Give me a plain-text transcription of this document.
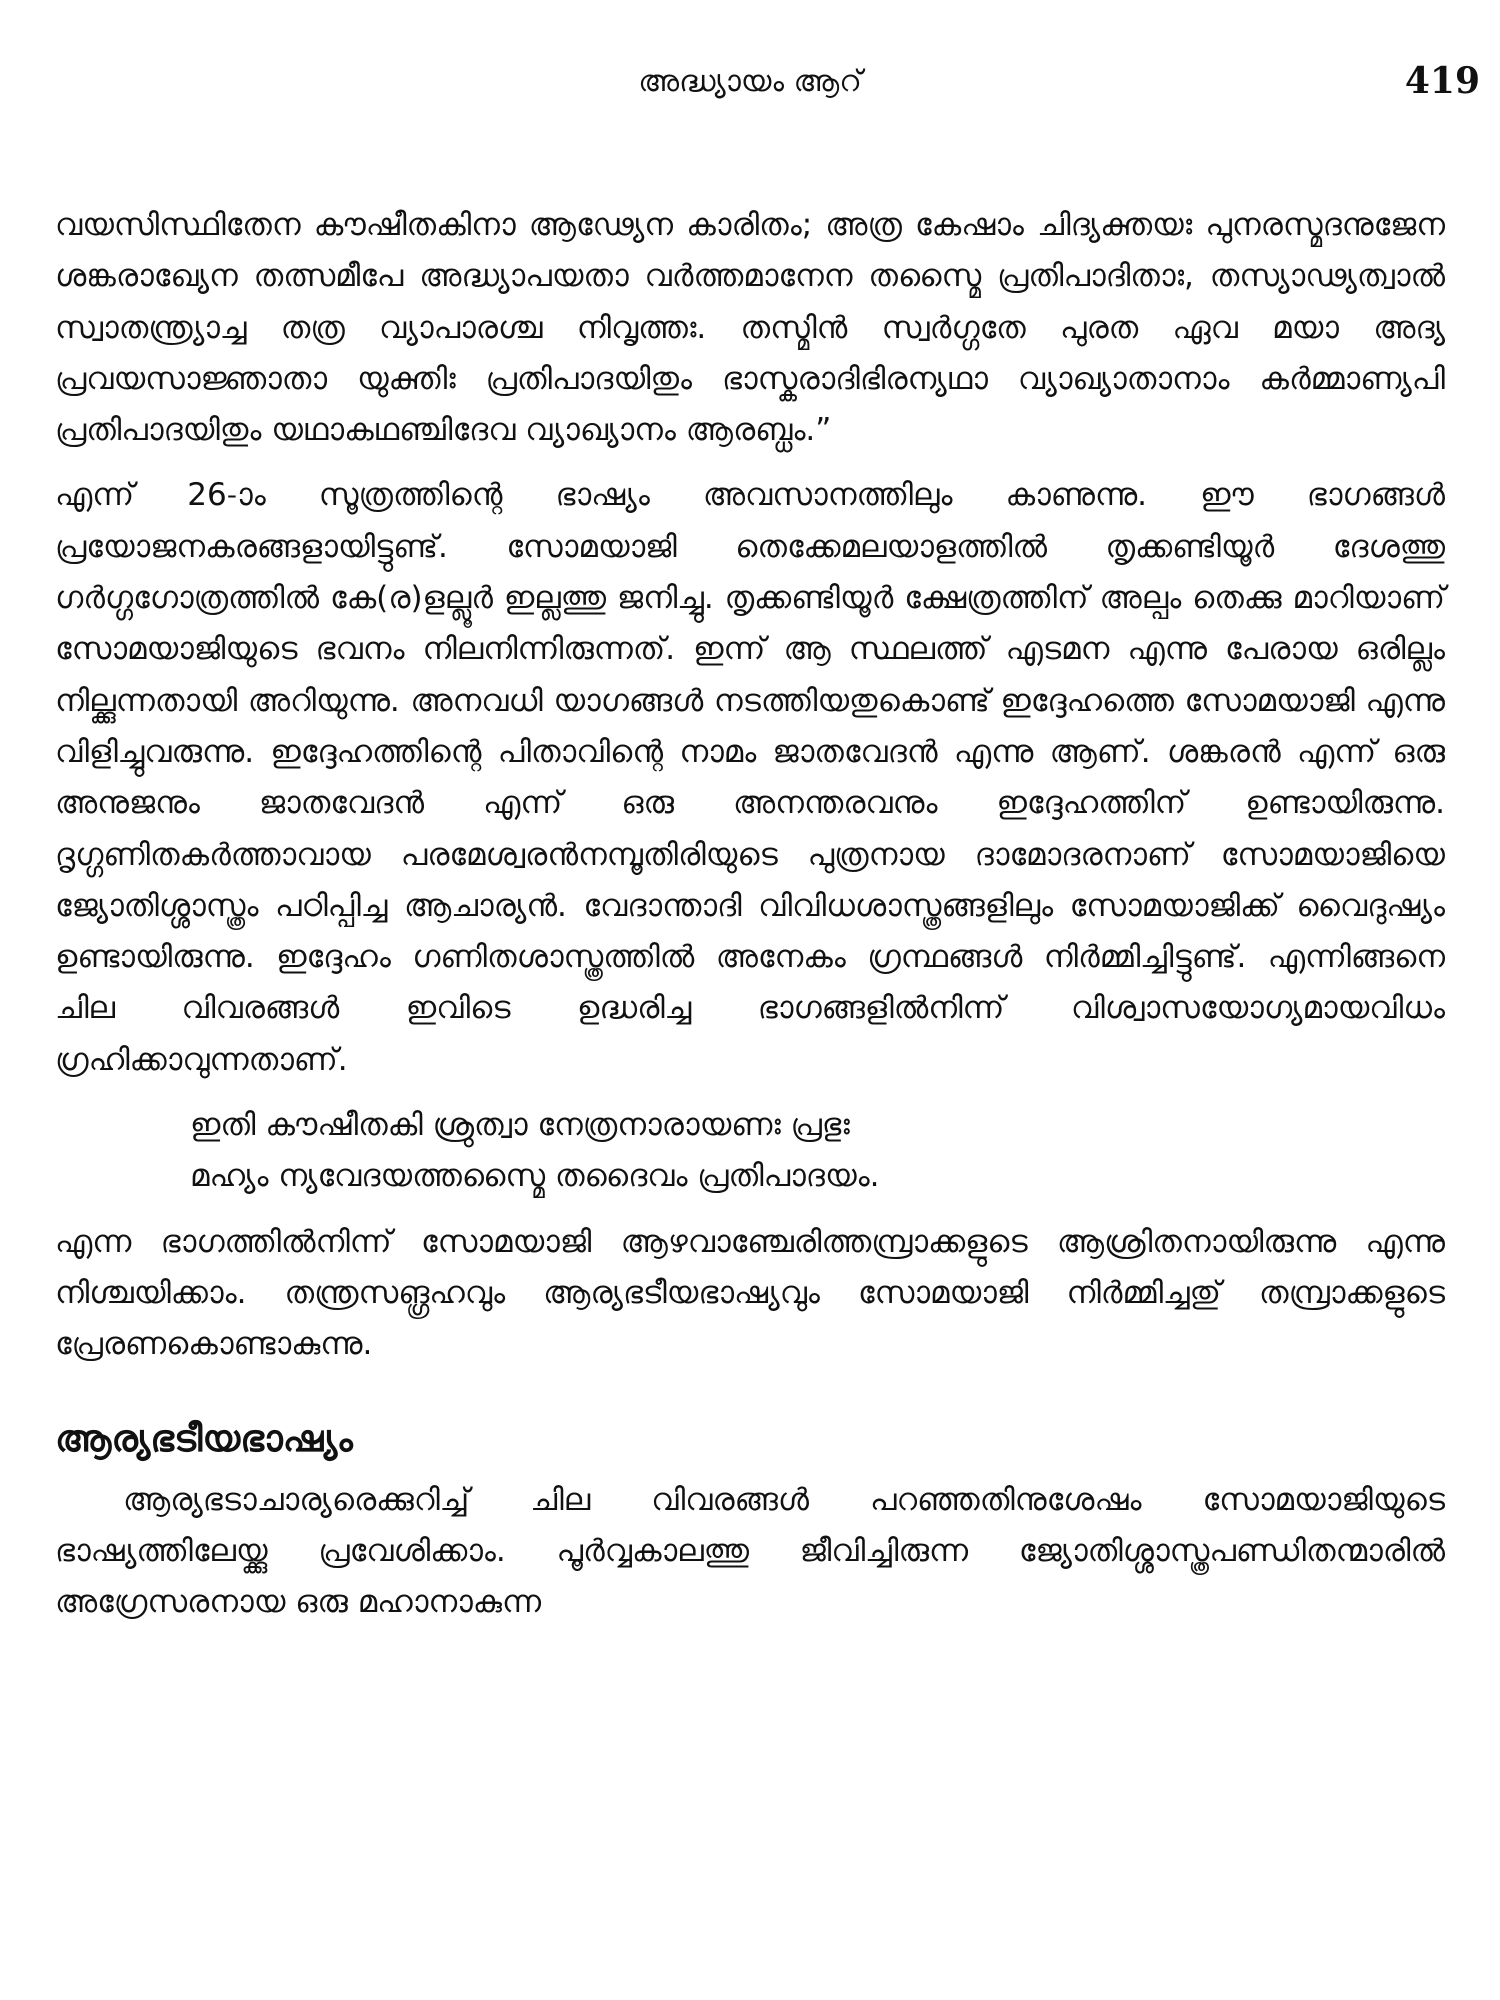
അദ്ധ്യായം ആറ്	419

വയസിസ്ഥിതേന കൗഷീതകിനാ ആഢ്യേന കാരിതം; അത്ര കേഷാം ചിദ്യക്തയഃ പുനരസ്മദനുജേന ശങ്കരാഖ്യേന തത്സമീപേ അദ്ധ്യാപയതാ വർത്തമാനേന തസ്മൈ പ്രതിപാദിതാഃ, തസ്യാഢ്യത്വാൽ സ്വാതന്ത്ര്യാച്ച തത്ര വ്യാപാരശ്ച നിവൃത്തഃ. തസ്മിൻ സ്വർഗ്ഗതേ പുരത ഏവ മയാ അദ്യ പ്രവയസാജ്ഞാതാ യുക്തിഃ പ്രതിപാദയിതും ഭാസ്കരാദിഭിരന്യഥാ വ്യാഖ്യാതാനാം കർമ്മാണ്യപി പ്രതിപാദയിതും യഥാകഥഞ്ചിദേവ വ്യാഖ്യാനം ആരബ്ധം.”

എന്ന് 26-ാം സൂത്രത്തിന്റെ ഭാഷ്യം അവസാനത്തിലും കാണുന്നു. ഈ ഭാഗങ്ങൾ പ്രയോജനകരങ്ങളായിട്ടുണ്ട്. സോമയാജി തെക്കേമലയാളത്തിൽ തൃക്കണ്ടിയൂർ ദേശത്തു ഗർഗ്ഗഗോത്രത്തിൽ കേ(ര)ളല്ലൂർ ഇല്ലത്തു ജനിച്ചു. തൃക്കണ്ടിയൂർ ക്ഷേത്രത്തിന് അല്പം തെക്കു മാറിയാണ് സോമയാജിയുടെ ഭവനം നിലനിന്നിരുന്നത്. ഇന്ന് ആ സ്ഥലത്ത് എടമന എന്നു പേരായ ഒരില്ലം നില്ക്കുന്നതായി അറിയുന്നു. അനവധി യാഗങ്ങൾ നടത്തിയതുകൊണ്ട് ഇദ്ദേഹത്തെ സോമയാജി എന്നു വിളിച്ചുവരുന്നു. ഇദ്ദേഹത്തിന്റെ പിതാവിന്റെ നാമം ജാതവേദൻ എന്നു ആണ്. ശങ്കരൻ എന്ന് ഒരു അനുജനും ജാതവേദൻ എന്ന് ഒരു അനന്തരവനും ഇദ്ദേഹത്തിന് ഉണ്ടായിരുന്നു. ദൃഗ്ഗണിതകർത്താവായ പരമേശ്വരൻനമ്പൂതിരിയുടെ പുത്രനായ ദാമോദരനാണ് സോമയാജിയെ ജ്യോതിശ്ശാസ്ത്രം പഠിപ്പിച്ച ആചാര്യൻ. വേദാന്താദി വിവിധശാസ്ത്രങ്ങളിലും സോമയാജിക്ക് വൈദുഷ്യം ഉണ്ടായിരുന്നു. ഇദ്ദേഹം ഗണിതശാസ്ത്രത്തിൽ അനേകം ഗ്രന്ഥങ്ങൾ നിർമ്മിച്ചിട്ടുണ്ട്. എന്നിങ്ങനെ ചില വിവരങ്ങൾ ഇവിടെ ഉദ്ധരിച്ച ഭാഗങ്ങളിൽനിന്ന് വിശ്വാസയോഗ്യമായവിധം ഗ്രഹിക്കാവുന്നതാണ്.

ഇതി കൗഷീതകി ശ്രുത്വാ നേത്രനാരായണഃ പ്രഭുഃ
മഹ്യം ന്യവേദയത്തസ്മൈ തദൈവം പ്രതിപാദയം.

എന്ന ഭാഗത്തിൽനിന്ന് സോമയാജി ആഴവാഞ്ചേരിത്തമ്പ്രാക്കളുടെ ആശ്രിതനായിരുന്നു എന്നു നിശ്ചയിക്കാം. തന്ത്രസങ്ഗ്രഹവും ആര്യഭടീയഭാഷ്യവും സോമയാജി നിർമ്മിച്ചതു് തമ്പ്രാക്കളുടെ പ്രേരണകൊണ്ടാകുന്നു.

ആര്യഭടീയഭാഷ്യം

ആര്യഭടാചാര്യരെക്കുറിച്ച് ചില വിവരങ്ങൾ പറഞ്ഞതിനുശേഷം സോമയാജിയുടെ ഭാഷ്യത്തിലേയ്ക്കു പ്രവേശിക്കാം. പൂർവ്വകാലത്തു ജീവിച്ചിരുന്ന ജ്യോതിശ്ശാസ്ത്രപണ്ഡിതന്മാരിൽ അഗ്രേസരനായ ഒരു മഹാനാകുന്ന
